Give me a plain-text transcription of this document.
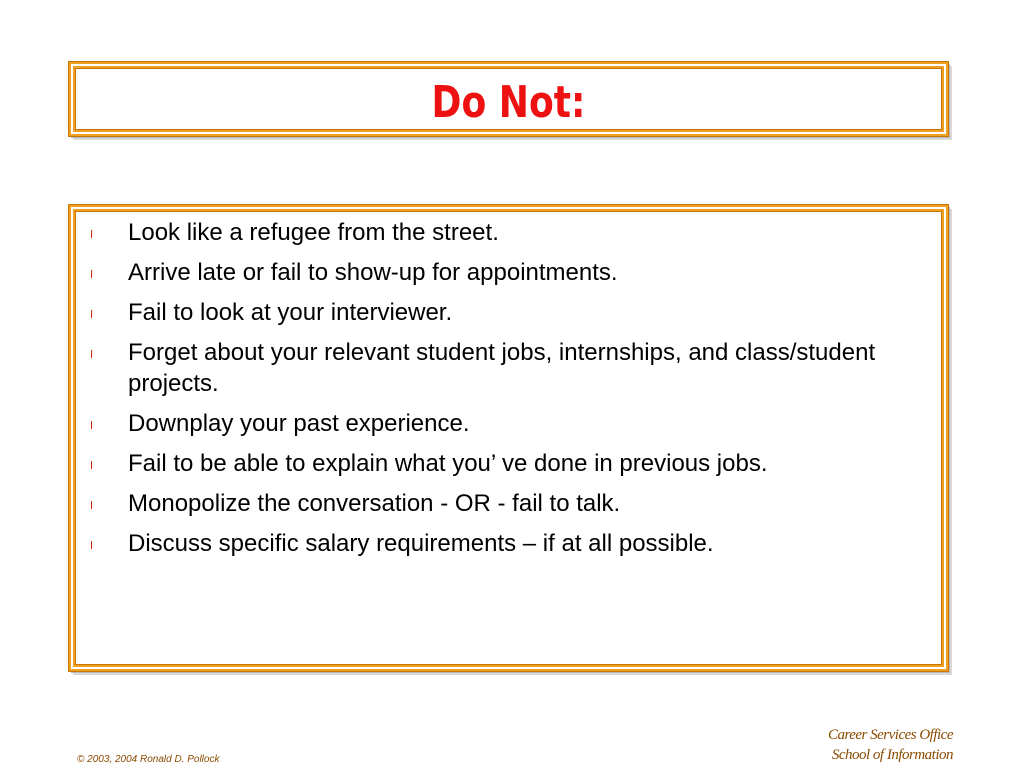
Do Not:
l Look like a refugee from the street.
l Arrive late or fail to show-up for appointments.
l Fail to look at your interviewer.
l Forget about your relevant student jobs, internships, and class/student projects.
l Downplay your past experience.
l Fail to be able to explain what you’ ve done in previous jobs.
l Monopolize the conversation - OR - fail to talk.
l Discuss specific salary requirements – if at all possible.
Career Services Office
School of Information
© 2003, 2004 Ronald D. Pollock
